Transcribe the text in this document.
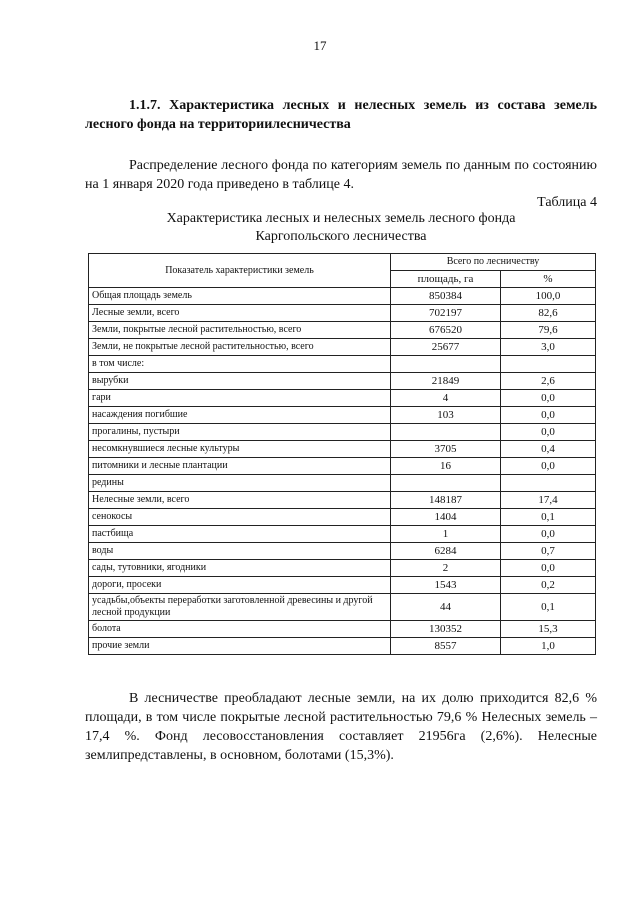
17
1.1.7. Характеристика лесных и нелесных земель из состава земель лесного фонда на территориилесничества
Распределение лесного фонда по категориям земель по данным по состоянию на 1 января 2020 года приведено в таблице 4.
Таблица 4
Характеристика лесных и нелесных земель лесного фонда
Каргопольского лесничества
Показатель характеристики земель	Всего по лесничеству	
	площадь, га	%
Общая площадь земель	850384	100,0
Лесные земли, всего	702197	82,6
Земли, покрытые лесной растительностью, всего	676520	79,6
Земли, не покрытые лесной растительностью, всего	25677	3,0
в том числе:		
вырубки	21849	2,6
гари	4	0,0
насаждения погибшие	103	0,0
прогалины, пустыри		0,0
несомкнувшиеся лесные культуры	3705	0,4
питомники и лесные плантации	16	0,0
редины		
Нелесные земли, всего	148187	17,4
сенокосы	1404	0,1
пастбища	1	0,0
воды	6284	0,7
сады, тутовники, ягодники	2	0,0
дороги, просеки	1543	0,2
усадьбы,объекты переработки заготовленной древесины и другой лесной продукции	44	0,1
болота	130352	15,3
прочие земли	8557	1,0
В лесничестве преобладают лесные земли, на их долю приходится 82,6 % площади, в том числе покрытые лесной растительностью 79,6 % Нелесных земель – 17,4 %. Фонд лесовосстановления составляет 21956га (2,6%). Нелесные землипредставлены, в основном, болотами (15,3%).
